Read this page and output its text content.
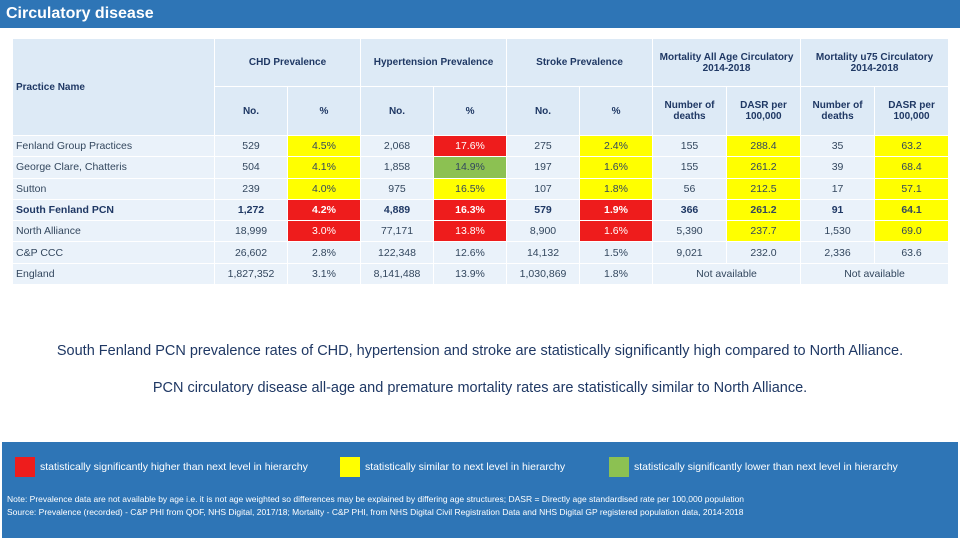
Circulatory disease
Practice Name	CHD Prevalence		Hypertension Prevalence		Stroke Prevalence		Mortality All Age Circulatory 2014-2018		Mortality u75 Circulatory 2014-2018	
	No.	%	No.	%	No.	%	Number of deaths	DASR per 100,000	Number of deaths	DASR per 100,000
Fenland Group Practices	529	4.5%	2,068	17.6%	275	2.4%	155	288.4	35	63.2
George Clare, Chatteris	504	4.1%	1,858	14.9%	197	1.6%	155	261.2	39	68.4
Sutton	239	4.0%	975	16.5%	107	1.8%	56	212.5	17	57.1
South Fenland PCN	1,272	4.2%	4,889	16.3%	579	1.9%	366	261.2	91	64.1
North Alliance	18,999	3.0%	77,171	13.8%	8,900	1.6%	5,390	237.7	1,530	69.0
C&P CCC	26,602	2.8%	122,348	12.6%	14,132	1.5%	9,021	232.0	2,336	63.6
England	1,827,352	3.1%	8,141,488	13.9%	1,030,869	1.8%	Not available		Not available	
South Fenland PCN prevalence rates of CHD, hypertension and stroke are statistically significantly high compared to North Alliance.
PCN circulatory disease all-age and premature mortality rates are statistically similar to North Alliance.
statistically significantly higher than next level in hierarchy	statistically similar to next level in hierarchy	statistically significantly lower than next level in hierarchy
Note: Prevalence data are not available by age i.e. it is not age weighted so differences may be explained by differing age structures; DASR = Directly age standardised rate per 100,000 population
Source: Prevalence (recorded) - C&P PHI from QOF, NHS Digital, 2017/18; Mortality - C&P PHI, from NHS Digital Civil Registration Data and NHS Digital GP registered population data, 2014-2018
